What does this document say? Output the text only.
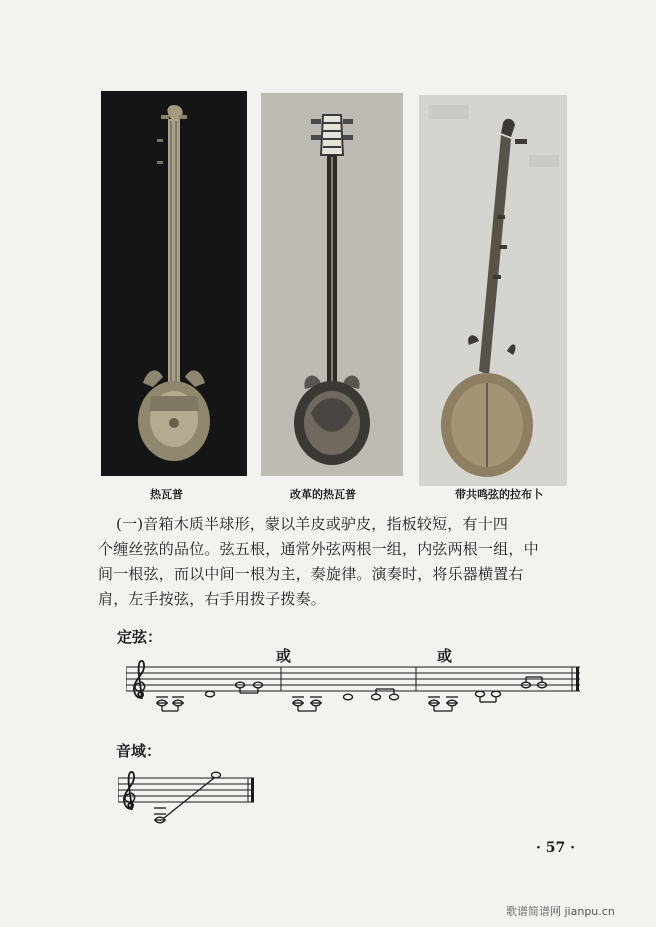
热瓦普	改革的热瓦普	带共鸣弦的拉布卜

(一)音箱木质半球形，蒙以羊皮或驴皮，指板较短，有十四

个缠丝弦的品位。弦五根，通常外弦两根一组，内弦两根一组，中

间一根弦，而以中间一根为主，奏旋律。演奏时，将乐器横置右

肩，左手按弦，右手用拨子拨奏。

定弦：
或	或
音域：
· 57 ·
歌谱简谱网 jianpu.cn
